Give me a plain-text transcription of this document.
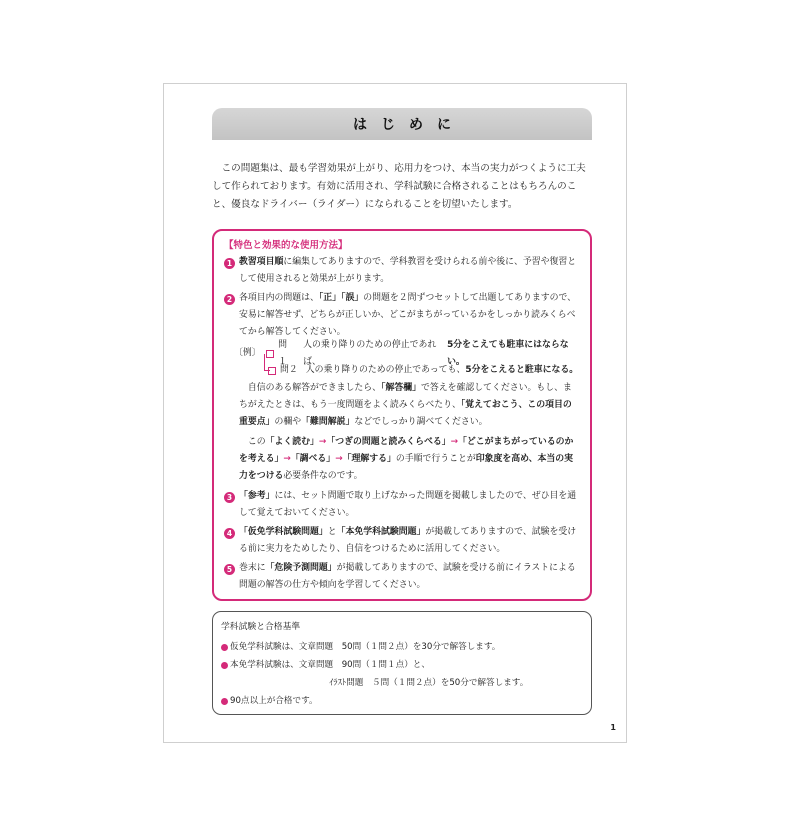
はじめに

この問題集は、最も学習効果が上がり、応用力をつけ、本当の実力がつくように工夫して作られております。有効に活用され、学科試験に合格されることはもちろんのこと、優良なドライバー（ライダー）になられることを切望いたします。

【特色と効果的な使用方法】
1 教習項目順に編集してありますので、学科教習を受けられる前や後に、予習や復習として使用されると効果が上がります。
2 各項目内の問題は、「正」「誤」の問題を２問ずつセットして出題してありますので、安易に解答せず、どちらが正しいか、どこがまちがっているかをしっかり読みくらべてから解答してください。
〔例〕
問１
人の乗り降りのための停止であれば、
5分をこえても駐車にはならない。
問２ 人の乗り降りのための停止であっても、 5分をこえると駐車になる。

自信のある解答ができましたら、「解答欄」で答えを確認してください。もし、まちがえたときは、もう一度問題をよく読みくらべたり、「覚えておこう、この項目の重要点」の欄や「難問解説」などでしっかり調べてください。

この「よく読む」→「つぎの問題と読みくらべる」→「どこがまちがっているのかを考える」→「調べる」→「理解する」の手順で行うことが印象度を高め、本当の実力をつける必要条件なのです。

3 「参考」には、セット問題で取り上げなかった問題を掲載しましたので、ぜひ目を通して覚えておいてください。
4 「仮免学科試験問題」と「本免学科試験問題」が掲載してありますので、試験を受ける前に実力をためしたり、自信をつけるために活用してください。
5 巻末に「危険予測問題」が掲載してありますので、試験を受ける前にイラストによる問題の解答の仕方や傾向を学習してください。
学科試験と合格基準
仮免学科試験は、文章問題　50問（１問２点）を30分で解答します。
本免学科試験は、文章問題　90問（１問１点）と、
ｲﾗｽﾄ問題　５問（１問２点）を50分で解答します。
90点以上が合格です。
1
